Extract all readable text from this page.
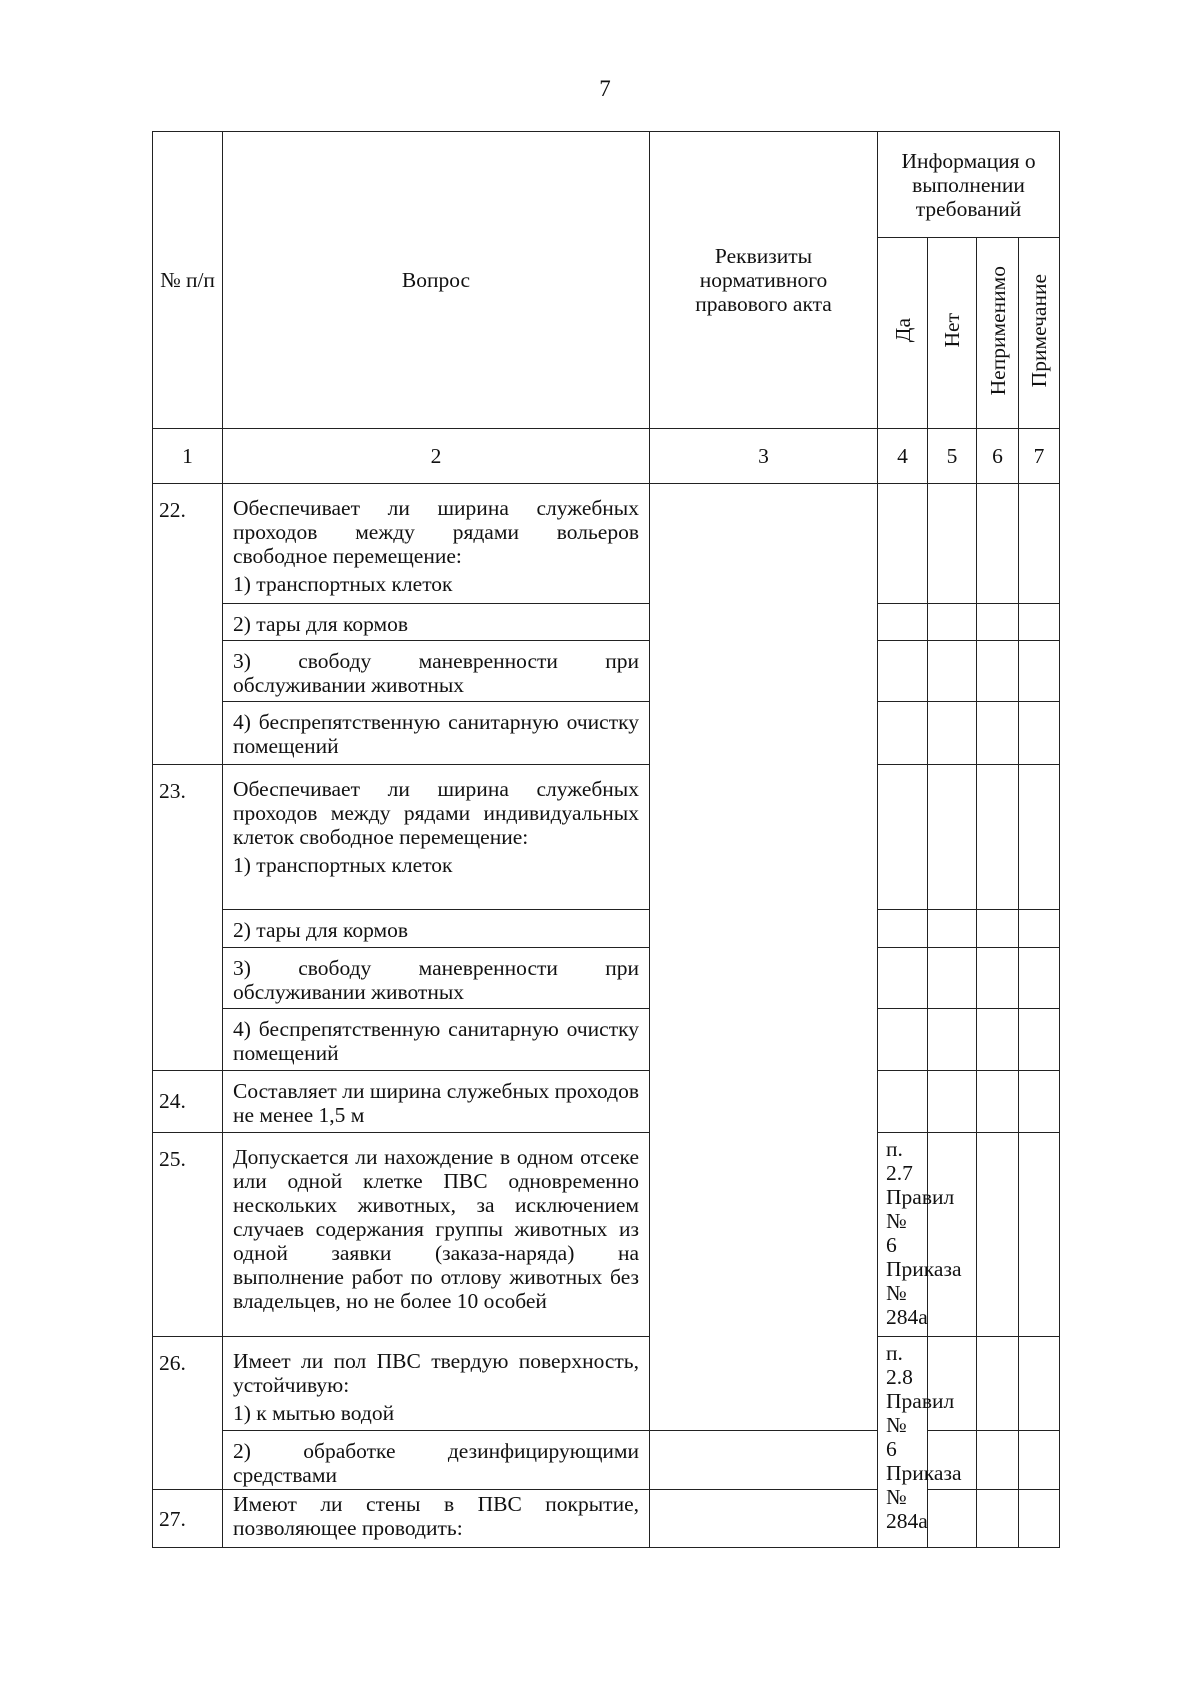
7
№ п/п	Вопрос	Реквизиты нормативного правового акта	Информация о выполнении требований				
			Да	Нет	Неприменимо	Примечание	
1	2	3	4	5	6	7	
22.	Обеспечивает ли ширина служебных проходов между рядами вольеров свободное перемещение:
1) транспортных клеток						

	2) тары для кормов						
	3) свободу маневренности при обслуживании животных						
	4) беспрепятственную санитарную очистку помещений						
23.	Обеспечивает ли ширина служебных проходов между рядами индивидуальных клеток свободное перемещение:
1) транспортных клеток						

	2) тары для кормов						
	3) свободу маневренности при обслуживании животных						
	4) беспрепятственную санитарную очистку помещений						
24.	Составляет ли ширина служебных проходов не менее 1,5 м						
25.	Допускается ли нахождение в одном отсеке или одной клетке ПВС одновременно нескольких животных, за исключением случаев содержания группы животных из одной заявки (заказа-наряда) на выполнение работ по отлову животных без владельцев, но не более 10 особей		п. 2.7 Правил № 6 Приказа № 284а				
26.	Имеет ли пол ПВС твердую поверхность, устойчивую:
1) к мытью водой		п. 2.8 Правил № 6 Приказа № 284а				
	2) обработке дезинфицирующими средствами						
27.	Имеют ли стены в ПВС покрытие, позволяющее проводить:						
